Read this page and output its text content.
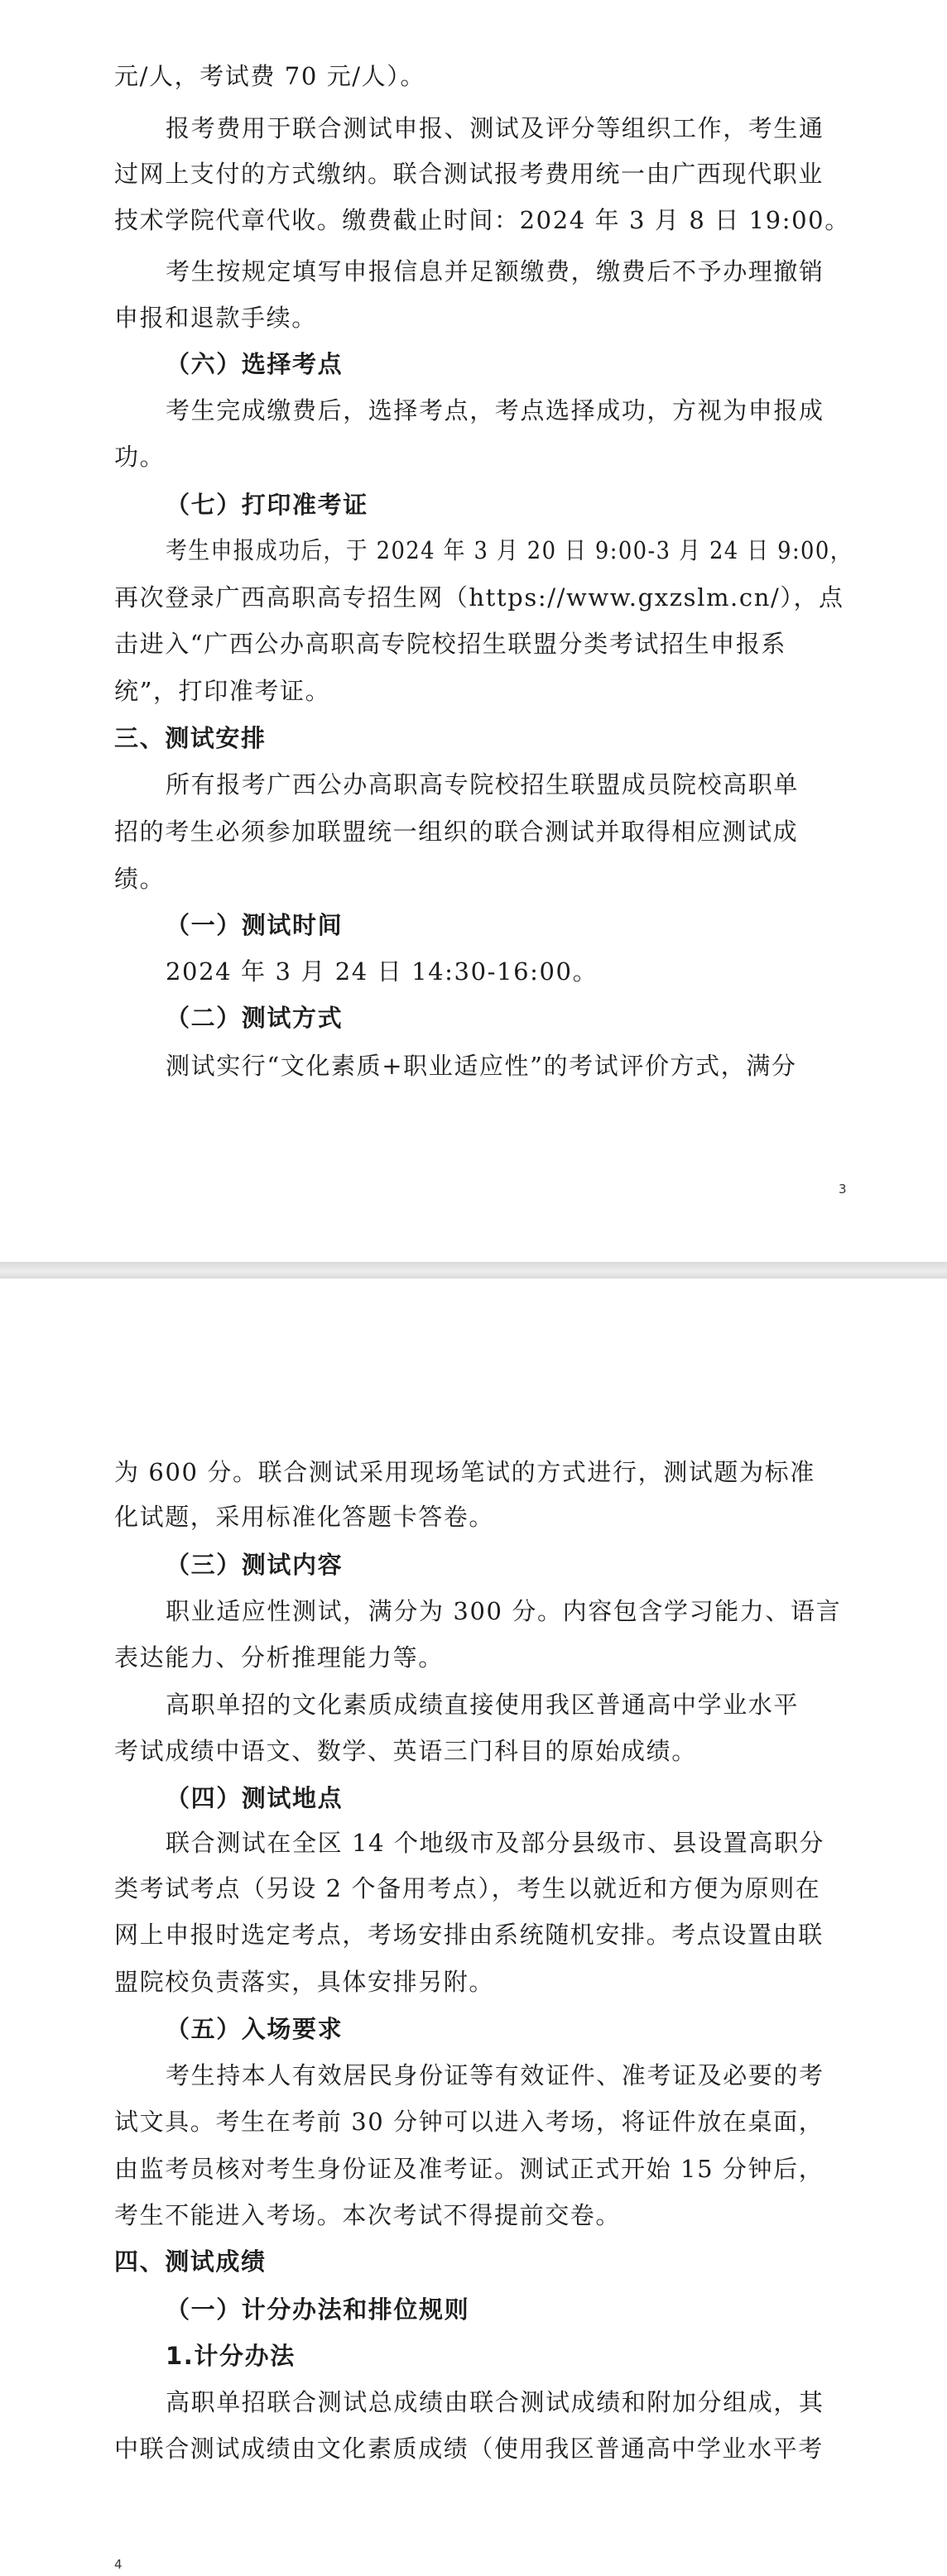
元/人，考试费 70 元/人）。
报考费用于联合测试申报、测试及评分等组织工作，考生通
过网上支付的方式缴纳。联合测试报考费用统一由广西现代职业
技术学院代章代收。缴费截止时间：2024 年 3 月 8 日 19:00。
考生按规定填写申报信息并足额缴费，缴费后不予办理撤销
申报和退款手续。
（六）选择考点
考生完成缴费后，选择考点，考点选择成功，方视为申报成
功。
（七）打印准考证
考生申报成功后，于 2024 年 3 月 20 日 9:00-3 月 24 日 9:00，
再次登录广西高职高专招生网（https://www.gxzslm.cn/），点
击进入“广西公办高职高专院校招生联盟分类考试招生申报系
统”，打印准考证。
三、测试安排
所有报考广西公办高职高专院校招生联盟成员院校高职单
招的考生必须参加联盟统一组织的联合测试并取得相应测试成
绩。
（一）测试时间
2024 年 3 月 24 日 14:30-16:00。
（二）测试方式
测试实行“文化素质+职业适应性”的考试评价方式，满分
3
为 600 分。联合测试采用现场笔试的方式进行，测试题为标准
化试题，采用标准化答题卡答卷。
（三）测试内容
职业适应性测试，满分为 300 分。内容包含学习能力、语言
表达能力、分析推理能力等。
高职单招的文化素质成绩直接使用我区普通高中学业水平
考试成绩中语文、数学、英语三门科目的原始成绩。
（四）测试地点
联合测试在全区 14 个地级市及部分县级市、县设置高职分
类考试考点（另设 2 个备用考点），考生以就近和方便为原则在
网上申报时选定考点，考场安排由系统随机安排。考点设置由联
盟院校负责落实，具体安排另附。
（五）入场要求
考生持本人有效居民身份证等有效证件、准考证及必要的考
试文具。考生在考前 30 分钟可以进入考场，将证件放在桌面，
由监考员核对考生身份证及准考证。测试正式开始 15 分钟后，
考生不能进入考场。本次考试不得提前交卷。
四、测试成绩
（一）计分办法和排位规则
1.计分办法
高职单招联合测试总成绩由联合测试成绩和附加分组成，其
中联合测试成绩由文化素质成绩（使用我区普通高中学业水平考
4
